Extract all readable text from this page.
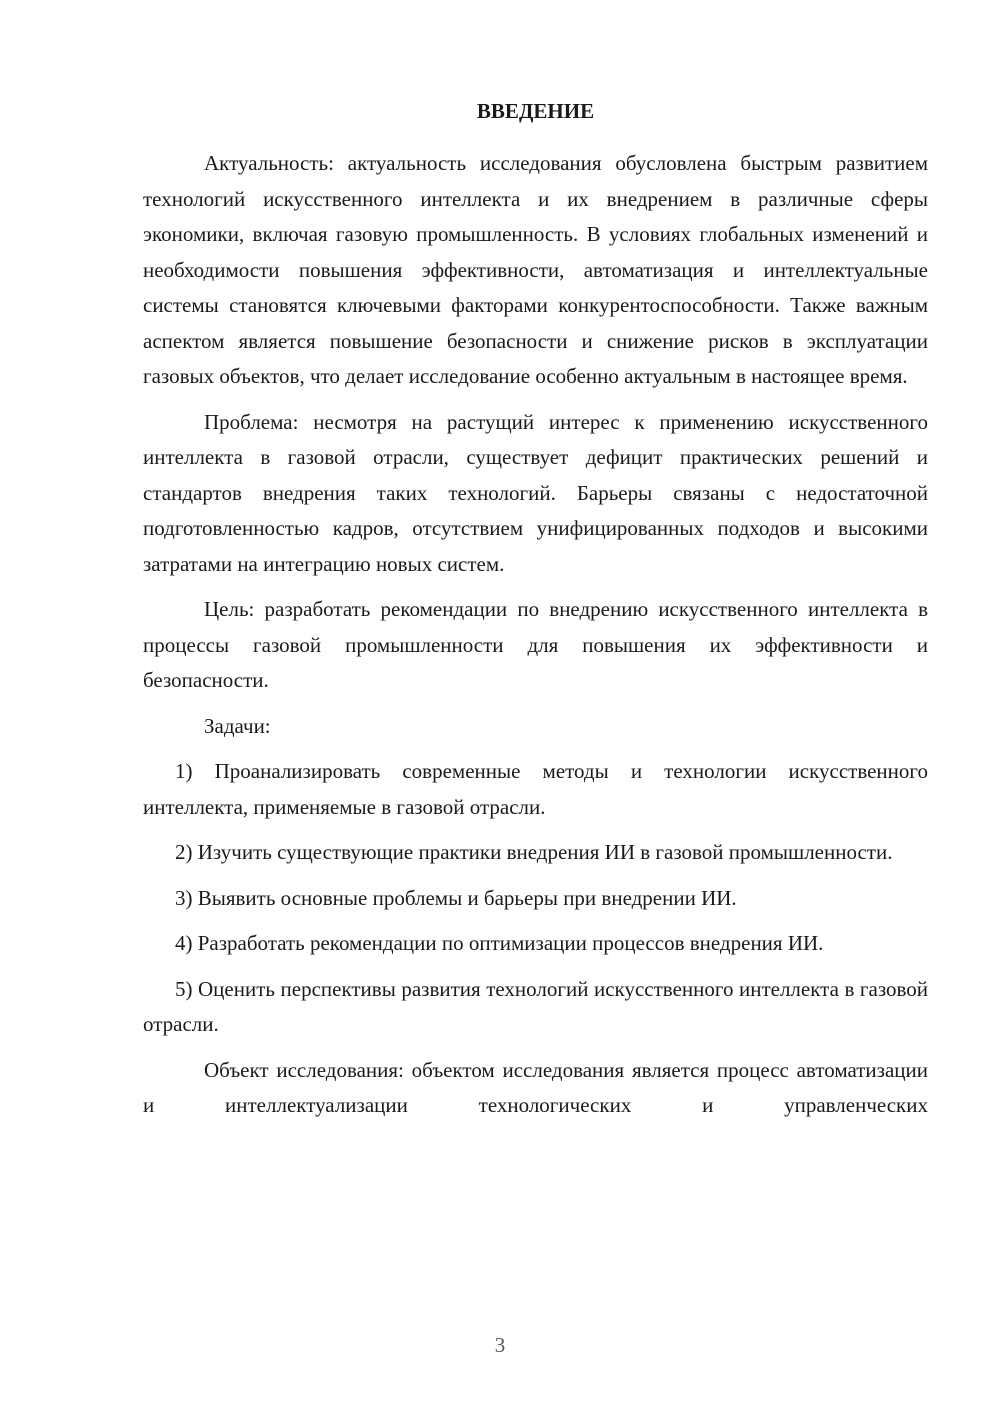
ВВЕДЕНИЕ

Актуальность: актуальность исследования обусловлена быстрым развитием технологий искусственного интеллекта и их внедрением в различные сферы экономики, включая газовую промышленность. В условиях глобальных изменений и необходимости повышения эффективности, автоматизация и интеллектуальные системы становятся ключевыми факторами конкурентоспособности. Также важным аспектом является повышение безопасности и снижение рисков в эксплуатации газовых объектов, что делает исследование особенно актуальным в настоящее время.

Проблема: несмотря на растущий интерес к применению искусственного интеллекта в газовой отрасли, существует дефицит практических решений и стандартов внедрения таких технологий. Барьеры связаны с недостаточной подготовленностью кадров, отсутствием унифицированных подходов и высокими затратами на интеграцию новых систем.

Цель: разработать рекомендации по внедрению искусственного интеллекта в процессы газовой промышленности для повышения их эффективности и безопасности.

Задачи:

1) Проанализировать современные методы и технологии искусственного интеллекта, применяемые в газовой отрасли.

2) Изучить существующие практики внедрения ИИ в газовой промышленности.

3) Выявить основные проблемы и барьеры при внедрении ИИ.

4) Разработать рекомендации по оптимизации процессов внедрения ИИ.

5) Оценить перспективы развития технологий искусственного интеллекта в газовой отрасли.

Объект исследования: объектом исследования является процесс автоматизации и интеллектуализации технологических и управленческих

3
